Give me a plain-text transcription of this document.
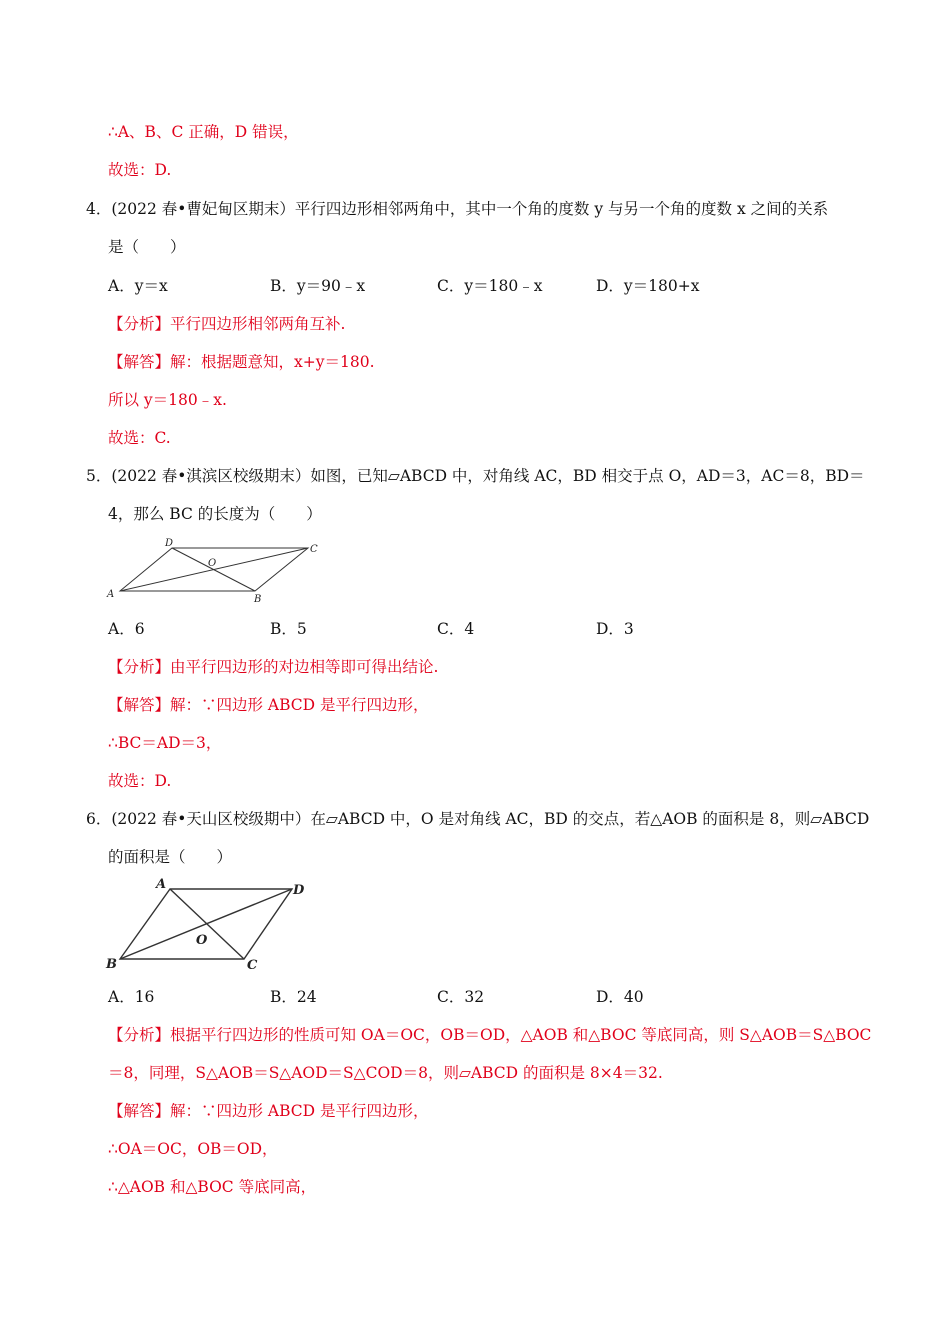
∴A、B、C 正确，D 错误，
故选：D.
4．(2022 春•曹妃甸区期末）平行四边形相邻两角中，其中一个角的度数 y 与另一个角的度数 x 之间的关系
是（　　）
A．y＝x	B．y＝90﹣x	C．y＝180﹣x	D．y＝180+x
【分析】平行四边形相邻两角互补.
【解答】解：根据题意知，x+y＝180.
所以 y＝180﹣x.
故选：C.
5．(2022 春•淇滨区校级期末）如图，已知▱ABCD 中，对角线 AC，BD 相交于点 O，AD＝3，AC＝8，BD＝
4，那么 BC 的长度为（　　）
A	B
C
D
O
A．6	B．5	C．4	D．3
【分析】由平行四边形的对边相等即可得出结论.
【解答】解：∵四边形 ABCD 是平行四边形，
∴BC＝AD＝3，
故选：D.
6．(2022 春•天山区校级期中）在▱ABCD 中，O 是对角线 AC，BD 的交点，若△AOB 的面积是 8，则▱ABCD
的面积是（　　）
A
B	C
D
O
A．16	B．24	C．32	D．40
【分析】根据平行四边形的性质可知 OA＝OC，OB＝OD，△AOB 和△BOC 等底同高，则 S△AOB＝S△BOC
＝8，同理，S△AOB＝S△AOD＝S△COD＝8，则▱ABCD 的面积是 8×4＝32.
【解答】解：∵四边形 ABCD 是平行四边形，
∴OA＝OC，OB＝OD，
∴△AOB 和△BOC 等底同高，
